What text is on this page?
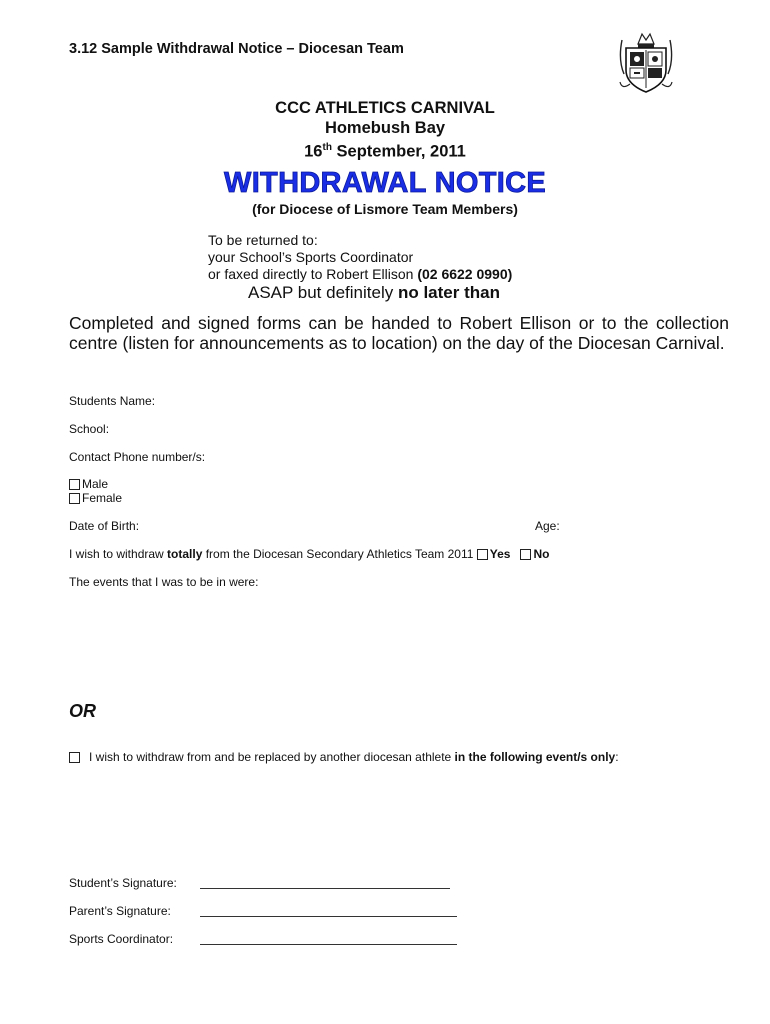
3.12 Sample Withdrawal Notice – Diocesan Team
CCC ATHLETICS CARNIVAL
Homebush Bay
16th September, 2011
WITHDRAWAL NOTICE
(for Diocese of Lismore Team Members)
To be returned to:
your School’s Sports Coordinator
or faxed directly to Robert Ellison (02 6622 0990)
ASAP but definitely no later than
Completed and signed forms can be handed to Robert Ellison or to the collection centre (listen for announcements as to location) on the day of the Diocesan Carnival.
Students Name:
School:
Contact Phone number/s:
Male
Female
Date of Birth:	Age:
I wish to withdraw totally from the Diocesan Secondary Athletics Team 2011 Yes No
The events that I was to be in were:
OR
I wish to withdraw from and be replaced by another diocesan athlete in the following event/s only:
Student’s Signature:
Parent’s Signature:
Sports Coordinator:
